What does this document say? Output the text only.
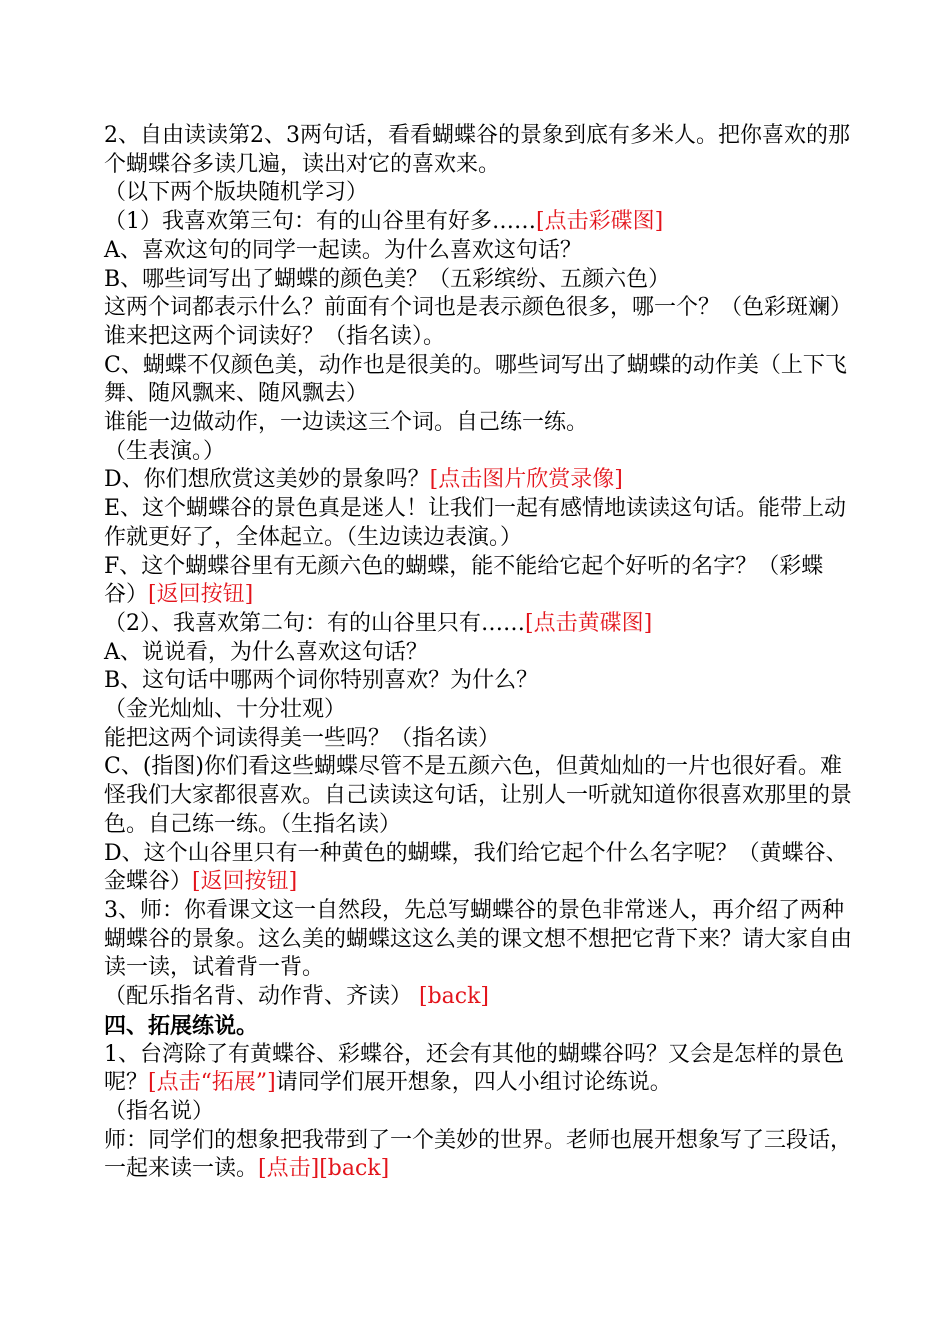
2、自由读读第2、3两句话，看看蝴蝶谷的景象到底有多米人。把你喜欢的那个蝴蝶谷多读几遍，读出对它的喜欢来。
（以下两个版块随机学习）
（1）我喜欢第三句：有的山谷里有好多……[点击彩碟图]
A、喜欢这句的同学一起读。为什么喜欢这句话？
B、哪些词写出了蝴蝶的颜色美？（五彩缤纷、五颜六色）
这两个词都表示什么？前面有个词也是表示颜色很多，哪一个？（色彩斑斓）
谁来把这两个词读好？（指名读）。
C、蝴蝶不仅颜色美，动作也是很美的。哪些词写出了蝴蝶的动作美（上下飞舞、随风飘来、随风飘去）
谁能一边做动作，一边读这三个词。自己练一练。
（生表演。）
D、你们想欣赏这美妙的景象吗？[点击图片欣赏录像]
E、这个蝴蝶谷的景色真是迷人！让我们一起有感情地读读这句话。能带上动作就更好了，全体起立。（生边读边表演。）
F、这个蝴蝶谷里有无颜六色的蝴蝶，能不能给它起个好听的名字？（彩蝶谷）[返回按钮]
（2）、我喜欢第二句：有的山谷里只有……[点击黄碟图]
A、说说看，为什么喜欢这句话？
B、这句话中哪两个词你特别喜欢？为什么？
（金光灿灿、十分壮观）
能把这两个词读得美一些吗？（指名读）
C、(指图)你们看这些蝴蝶尽管不是五颜六色，但黄灿灿的一片也很好看。难怪我们大家都很喜欢。自己读读这句话，让别人一听就知道你很喜欢那里的景色。自己练一练。（生指名读）
D、这个山谷里只有一种黄色的蝴蝶，我们给它起个什么名字呢？（黄蝶谷、金蝶谷）[返回按钮]
3、师：你看课文这一自然段，先总写蝴蝶谷的景色非常迷人，再介绍了两种蝴蝶谷的景象。这么美的蝴蝶这这么美的课文想不想把它背下来？请大家自由读一读，试着背一背。
（配乐指名背、动作背、齐读） [back]
四、拓展练说。
1、台湾除了有黄蝶谷、彩蝶谷，还会有其他的蝴蝶谷吗？又会是怎样的景色呢？[点击“拓展”]请同学们展开想象，四人小组讨论练说。
（指名说）
师：同学们的想象把我带到了一个美妙的世界。老师也展开想象写了三段话，一起来读一读。[点击][back]
